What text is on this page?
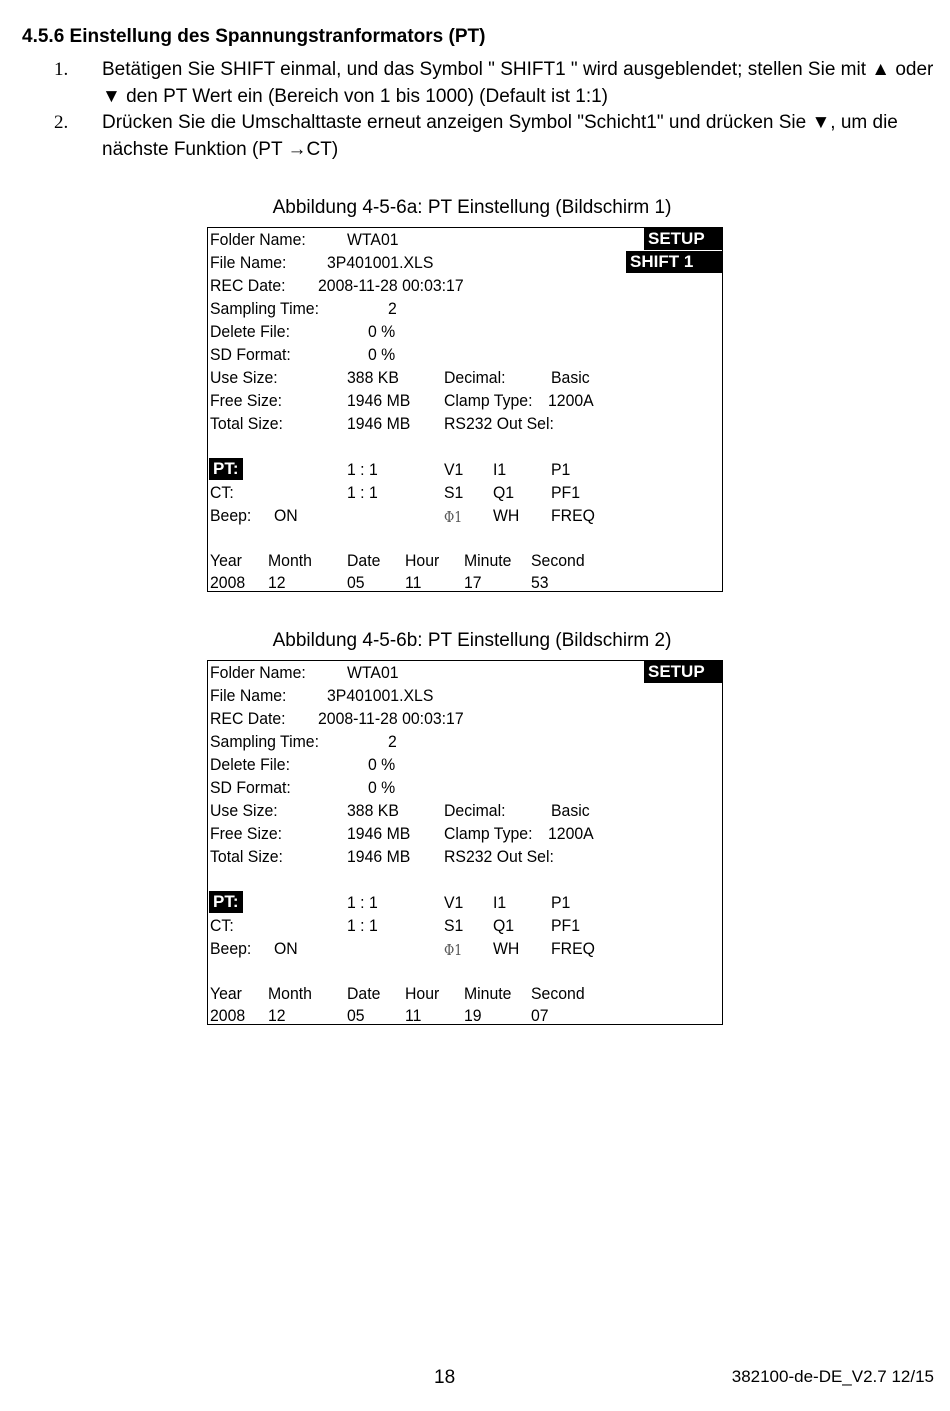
4.5.6 Einstellung des Spannungstranformators (PT)
1. Betätigen Sie SHIFT einmal, und das Symbol " SHIFT1 " wird ausgeblendet; stellen Sie mit ▲ oder ▼ den PT Wert ein (Bereich von 1 bis 1000) (Default ist 1:1)
2. Drücken Sie die Umschalttaste erneut anzeigen Symbol "Schicht1" und drücken Sie ▼, um die nächste Funktion (PT →CT)
Abbildung 4-5-6a: PT Einstellung (Bildschirm 1)
SETUP
SHIFT 1
Folder Name: WTA01
File Name: 3P401001.XLS
REC Date: 2008-11-28 00:03:17
Sampling Time:	2
Delete File:	0 %
SD Format:	0 %
Use Size:	388 KB	Decimal:	Basic
Free Size:	1946 MB Clamp Type: 1200A
Total Size:	1946 MB RS232 Out Sel:
PT:	1 : 1	V1 I1	P1
CT:	1 : 1	S1 Q1 PF1
Beep: ON	Φ1 WH FREQ
Year Month Date Hour Minute Second
2008 12	05 11	17	53
Abbildung 4-5-6b: PT Einstellung (Bildschirm 2)
SETUP
Folder Name: WTA01
File Name: 3P401001.XLS
REC Date: 2008-11-28 00:03:17
Sampling Time:	2
Delete File:	0 %
SD Format:	0 %
Use Size:	388 KB	Decimal:	Basic
Free Size:	1946 MB Clamp Type: 1200A
Total Size:	1946 MB RS232 Out Sel:
PT:	1 : 1	V1 I1	P1
CT:	1 : 1	S1 Q1 PF1
Beep: ON	Φ1 WH FREQ
Year Month Date Hour Minute Second
2008 12	05 11	19	07
18	382100-de-DE_V2.7 12/15
